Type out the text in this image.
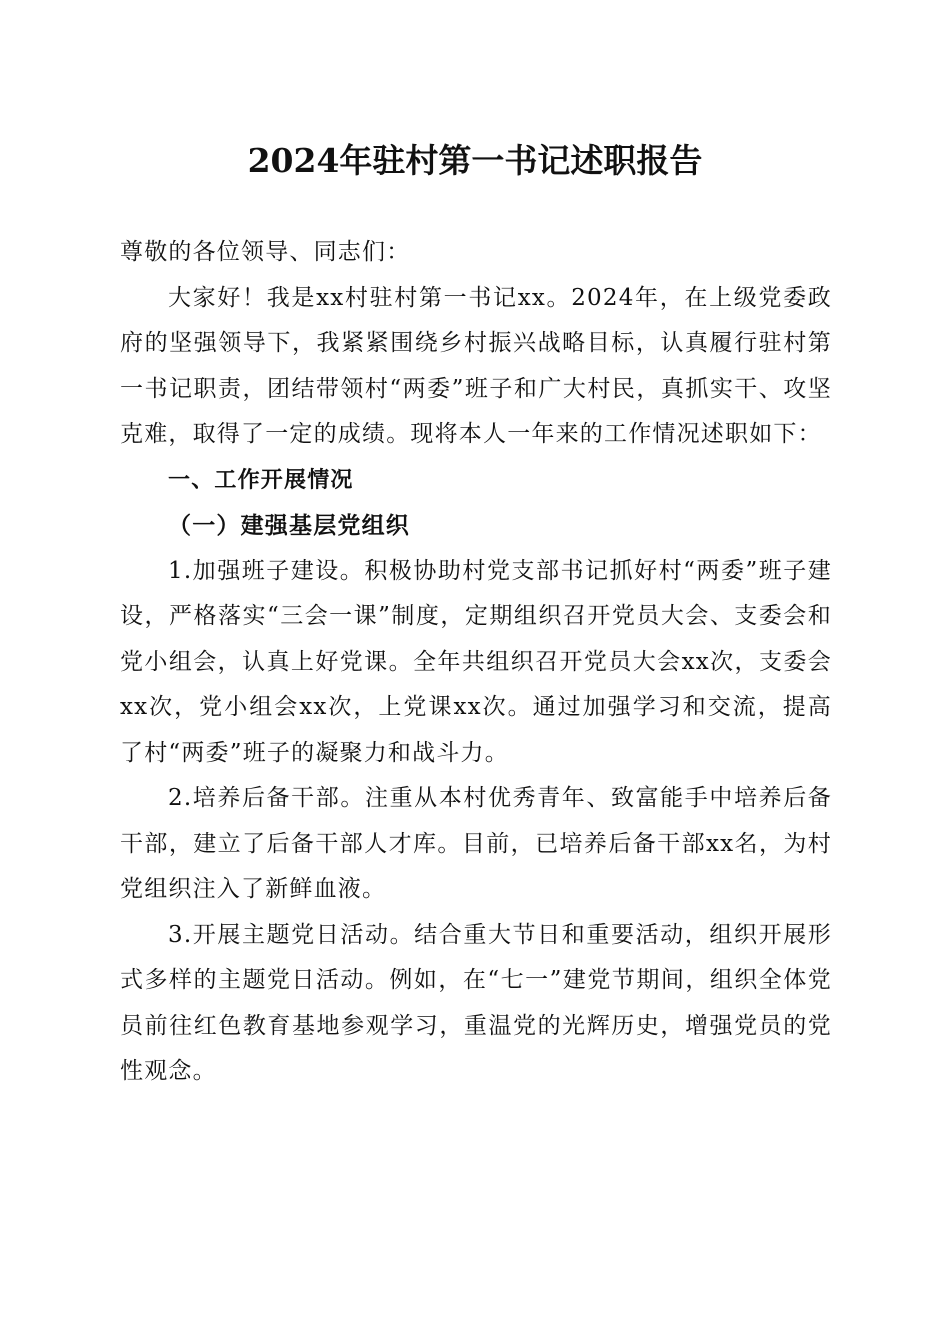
2024年驻村第一书记述职报告

尊敬的各位领导、同志们：

大家好！我是xx村驻村第一书记xx。2024年，在上级党委政府的坚强领导下，我紧紧围绕乡村振兴战略目标，认真履行驻村第一书记职责，团结带领村“两委”班子和广大村民，真抓实干、攻坚克难，取得了一定的成绩。现将本人一年来的工作情况述职如下：

一、工作开展情况

（一）建强基层党组织

1.加强班子建设。积极协助村党支部书记抓好村“两委”班子建设，严格落实“三会一课”制度，定期组织召开党员大会、支委会和党小组会，认真上好党课。全年共组织召开党员大会xx次，支委会xx次，党小组会xx次，上党课xx次。通过加强学习和交流，提高了村“两委”班子的凝聚力和战斗力。

2.培养后备干部。注重从本村优秀青年、致富能手中培养后备干部，建立了后备干部人才库。目前，已培养后备干部xx名，为村党组织注入了新鲜血液。

3.开展主题党日活动。结合重大节日和重要活动，组织开展形式多样的主题党日活动。例如，在“七一”建党节期间，组织全体党员前往红色教育基地参观学习，重温党的光辉历史，增强党员的党性观念。
